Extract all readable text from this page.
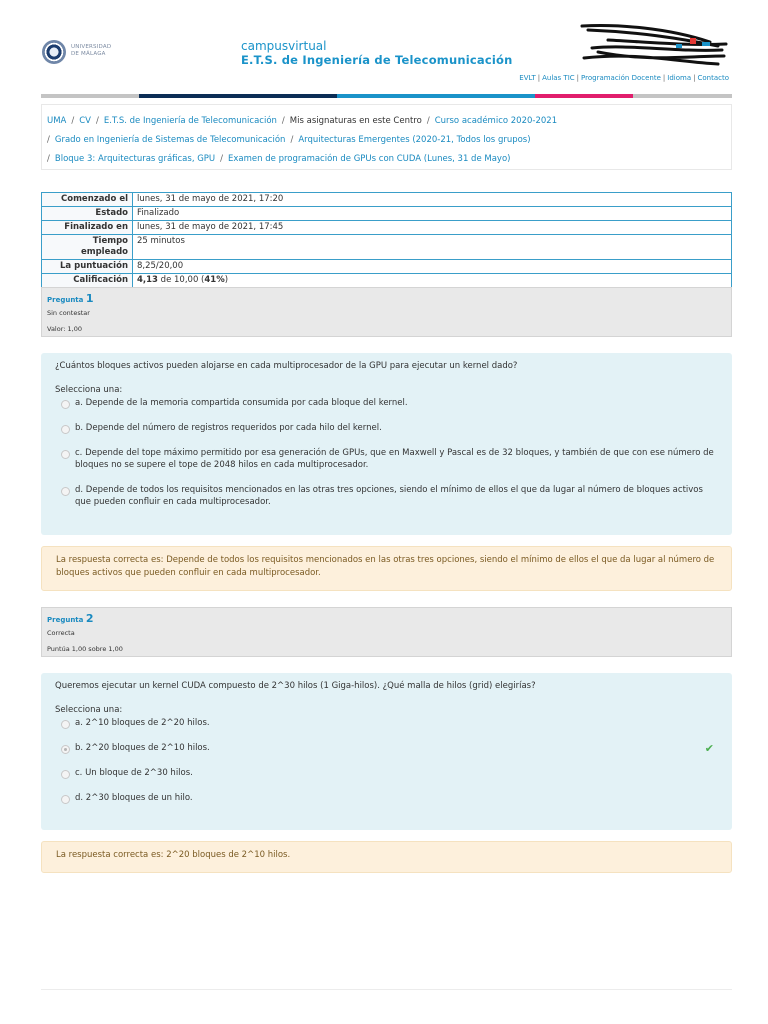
UNIVERSIDAD
DE MÁLAGA
campusvirtual
E.T.S. de Ingeniería de Telecomunicación
EVLT | Aulas TIC | Programación Docente | Idioma | Contacto
UMA / CV / E.T.S. de Ingeniería de Telecomunicación / Mis asignaturas en este Centro / Curso académico 2020-2021
/ Grado en Ingeniería de Sistemas de Telecomunicación / Arquitecturas Emergentes (2020-21, Todos los grupos)
/ Bloque 3: Arquitecturas gráficas, GPU / Examen de programación de GPUs con CUDA (Lunes, 31 de Mayo)
Comenzado el	lunes, 31 de mayo de 2021, 17:20
Estado	Finalizado
Finalizado en	lunes, 31 de mayo de 2021, 17:45

Tiempo
empleado	25 minutos
La puntuación	8,25/20,00
Calificación	4,13 de 10,00 (41%)
Pregunta 1
Sin contestar
Valor: 1,00
¿Cuántos bloques activos pueden alojarse en cada multiprocesador de la GPU para ejecutar un kernel dado?
Selecciona una:
a. Depende de la memoria compartida consumida por cada bloque del kernel.
b. Depende del número de registros requeridos por cada hilo del kernel.
c. Depende del tope máximo permitido por esa generación de GPUs, que en Maxwell y Pascal es de 32 bloques, y también de que con ese número de bloques no se supere el tope de 2048 hilos en cada multiprocesador.
d. Depende de todos los requisitos mencionados en las otras tres opciones, siendo el mínimo de ellos el que da lugar al número de bloques activos que pueden confluir en cada multiprocesador.
La respuesta correcta es: Depende de todos los requisitos mencionados en las otras tres opciones, siendo el mínimo de ellos el que da lugar al número de bloques activos que pueden confluir en cada multiprocesador.
Pregunta 2
Correcta
Puntúa 1,00 sobre 1,00
Queremos ejecutar un kernel CUDA compuesto de 2^30 hilos (1 Giga-hilos). ¿Qué malla de hilos (grid) elegirías?
Selecciona una:
a. 2^10 bloques de 2^20 hilos.
b. 2^20 bloques de 2^10 hilos.	✔
c. Un bloque de 2^30 hilos.
d. 2^30 bloques de un hilo.
La respuesta correcta es: 2^20 bloques de 2^10 hilos.
